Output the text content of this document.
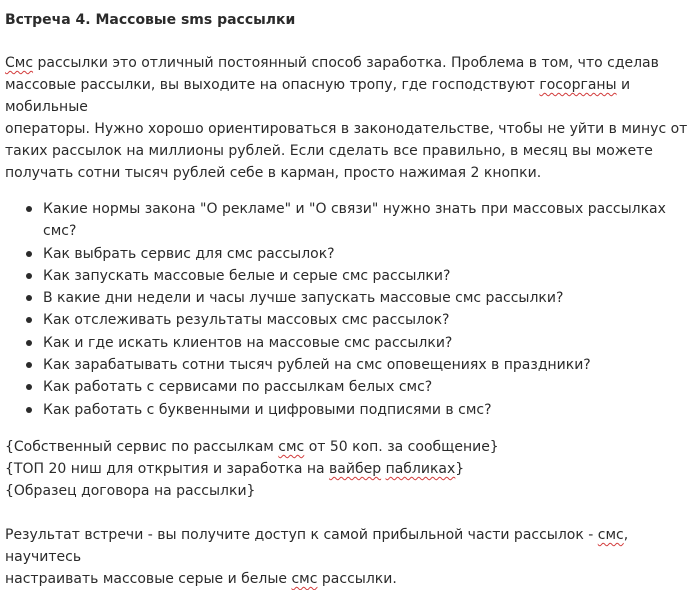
Встреча 4. Массовые sms рассылки

Смс рассылки это отличный постоянный способ заработка. Проблема в том, что сделав
массовые рассылки, вы выходите на опасную тропу, где господствуют госорганы и мобильные
операторы. Нужно хорошо ориентироваться в законодательстве, чтобы не уйти в минус от
таких рассылок на миллионы рублей. Если сделать все правильно, в месяц вы можете
получать сотни тысяч рублей себе в карман, просто нажимая 2 кнопки.

Какие нормы закона "О рекламе" и "О связи" нужно знать при массовых рассылках смс?
Как выбрать сервис для смс рассылок?
Как запускать массовые белые и серые смс рассылки?
В какие дни недели и часы лучше запускать массовые смс рассылки?
Как отслеживать результаты массовых смс рассылок?
Как и где искать клиентов на массовые смс рассылки?
Как зарабатывать сотни тысяч рублей на смс оповещениях в праздники?
Как работать с сервисами по рассылкам белых смс?
Как работать с буквенными и цифровыми подписями в смс?
{Собственный сервис по рассылкам смс от 50 коп. за сообщение}
{ТОП 20 ниш для открытия и заработка на вайбер пабликах}
{Образец договора на рассылки}

Результат встречи - вы получите доступ к самой прибыльной части рассылок - смс, научитесь
настраивать массовые серые и белые смс рассылки.
